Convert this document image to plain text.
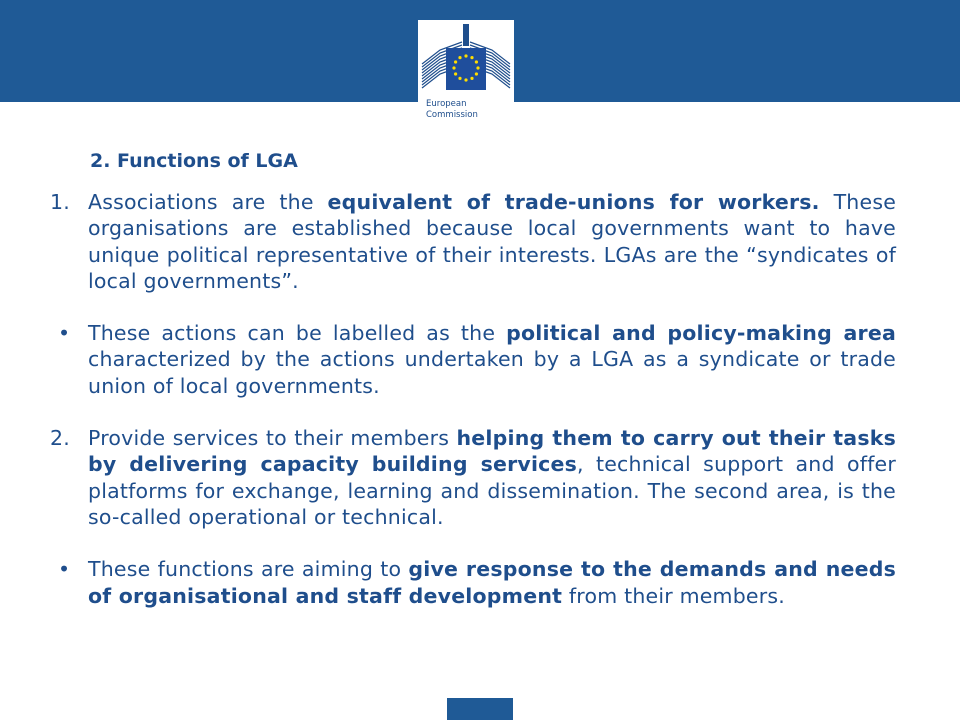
European
Commission
2. Functions of LGA
1. Associations are the equivalent of trade-unions for workers. These organisations are established because local governments want to have unique political representative of their interests. LGAs are the “syndicates of local governments”.
• These actions can be labelled as the political and policy-making area characterized by the actions undertaken by a LGA as a syndicate or trade union of local governments.
2. Provide services to their members helping them to carry out their tasks by delivering capacity building services, technical support and offer platforms for exchange, learning and dissemination. The second area, is the so-called operational or technical.
• These functions are aiming to give response to the demands and needs of organisational and staff development from their members.
